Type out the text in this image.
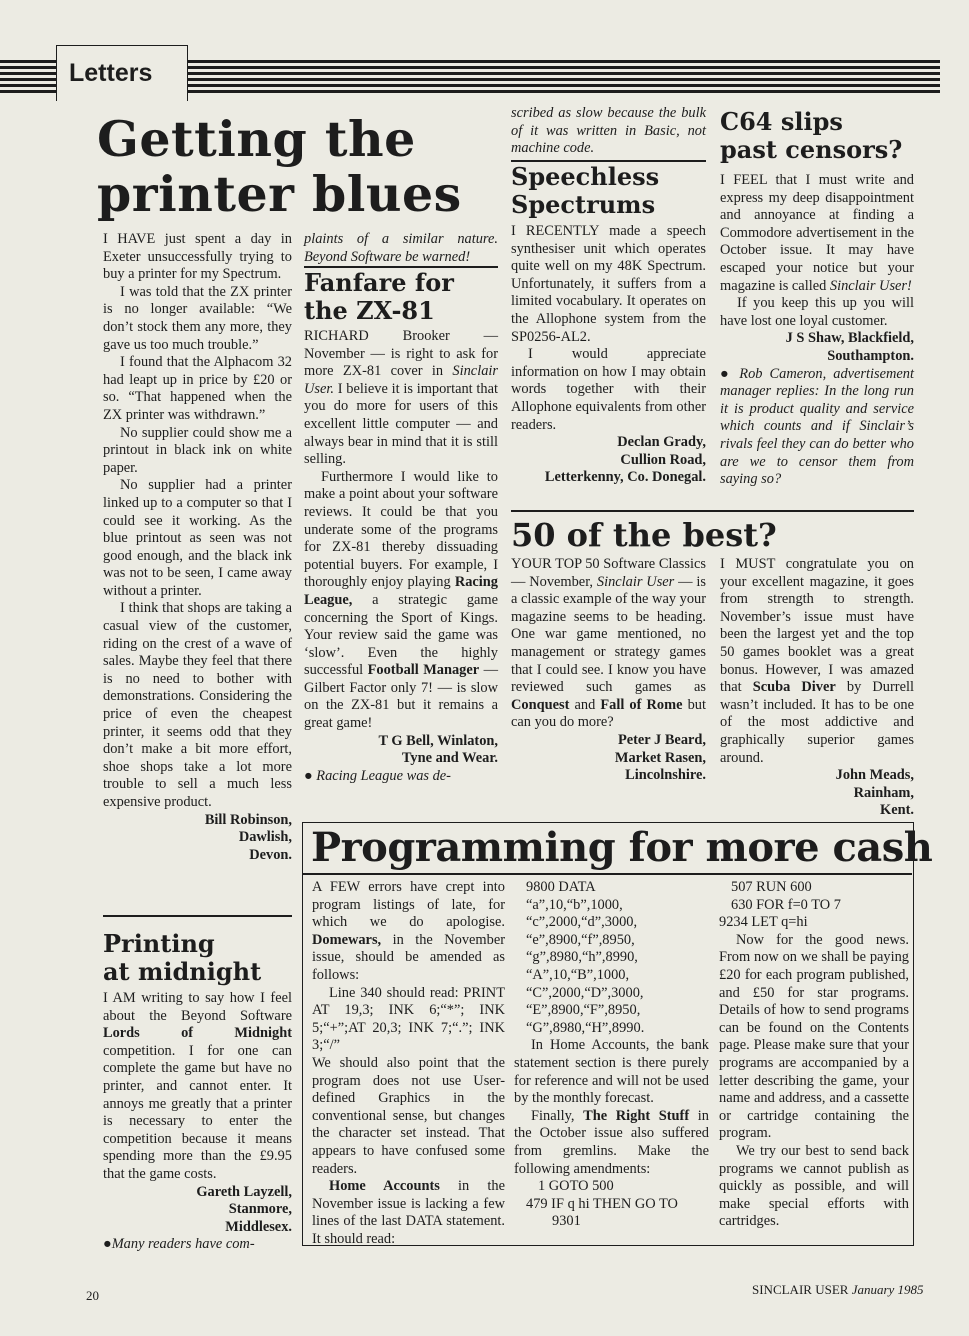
Letters
Getting the
printer blues

I HAVE just spent a day in Exeter unsuccessfully trying to buy a printer for my Spectrum.

I was told that the ZX printer is no longer available: “We don’t stock them any more, they gave us too much trouble.”

I found that the Alphacom 32 had leapt up in price by £20 or so. “That happened when the ZX printer was withdrawn.”

No supplier could show me a printout in black ink on white paper.

No supplier had a printer linked up to a computer so that I could see it working. As the blue printout as seen was not good enough, and the black ink was not to be seen, I came away without a printer.

I think that shops are taking a casual view of the customer, riding on the crest of a wave of sales. Maybe they feel that there is no need to bother with demonstrations. Considering the price of even the cheapest printer, it seems odd that they don’t make a bit more effort, shoe shops take a lot more trouble to sell a much less expensive product.

Bill Robinson,
Dawlish,
Devon.
Printing
at midnight

I AM writing to say how I feel about the Beyond Software Lords of Midnight competition. I for one can complete the game but have no printer, and cannot enter. It annoys me greatly that a printer is necessary to enter the competition because it means spending more than the £9.95 that the game costs.

Gareth Layzell,
Stanmore,
Middlesex.

●Many readers have com-

plaints of a similar nature. Beyond Software be warned!
Fanfare for
the ZX-81

RICHARD Brooker — November — is right to ask for more ZX-81 cover in Sinclair User. I believe it is important that you do more for users of this excellent little computer — and always bear in mind that it is still selling.

Furthermore I would like to make a point about your software reviews. It could be that you underate some of the programs for ZX-81 thereby dissuading potential buyers. For example, I thoroughly enjoy playing Racing League, a strategic game concerning the Sport of Kings. Your review said the game was ‘slow’. Even the highly successful Football Manager — Gilbert Factor only 7! — is slow on the ZX-81 but it remains a great game!

T G Bell, Winlaton,
Tyne and Wear.

● Racing League was de-

scribed as slow because the bulk of it was written in Basic, not machine code.
Speechless
Spectrums

I RECENTLY made a speech synthesiser unit which operates quite well on my 48K Spectrum. Unfortunately, it suffers from a limited vocabulary. It operates on the Allophone system from the SP0256-AL2.

I would appreciate information on how I may obtain words together with their Allophone equivalents from other readers.

Declan Grady,
Cullion Road,
Letterkenny, Co. Donegal.
C64 slips
past censors?

I FEEL that I must write and express my deep disappointment and annoyance at finding a Commodore advertisement in the October issue. It may have escaped your notice but your magazine is called Sinclair User!

If you keep this up you will have lost one loyal customer.

J S Shaw, Blackfield,
Southampton.

● Rob Cameron, advertisement manager replies: In the long run it is product quality and service which counts and if Sinclair’s rivals feel they can do better who are we to censor them from saying so?

50 of the best?

YOUR TOP 50 Software Classics — November, Sinclair User — is a classic example of the way your magazine seems to be heading. One war game mentioned, no management or strategy games that I could see. I know you have reviewed such games as Conquest and Fall of Rome but can you do more?

Peter J Beard,
Market Rasen,
Lincolnshire.

I MUST congratulate you on your excellent magazine, it goes from strength to strength. November’s issue must have been the largest yet and the top 50 games booklet was a great bonus. However, I was amazed that Scuba Diver by Durrell wasn’t included. It has to be one of the most addictive and graphically superior games around.

John Meads,
Rainham,
Kent.
Programming for more cash

A FEW errors have crept into program listings of late, for which we do apologise. Domewars, in the November issue, should be amended as follows:

Line 340 should read: PRINT AT 19,3; INK 6;“*”; INK 5;“+”;AT 20,3; INK 7;“.”; INK 3;“/”

We should also point that the program does not use User-defined Graphics in the conventional sense, but changes the character set instead. That appears to have confused some readers.

Home Accounts in the November issue is lacking a few lines of the last DATA statement. It should read:

9800 DATA
“a”,10,“b”,1000,
“c”,2000,“d”,3000,
“e”,8900,“f”,8950,
“g”,8980,“h”,8990,
“A”,10,“B”,1000,
“C”,2000,“D”,3000,
“E”,8900,“F”,8950,
“G”,8980,“H”,8990.

In Home Accounts, the bank statement section is there purely for reference and will not be used by the monthly forecast.

Finally, The Right Stuff in the October issue also suffered from gremlins. Make the following amendments:

1 GOTO 500
479 IF q hi THEN GO TO
9301
507 RUN 600
630 FOR f=0 TO 7
9234 LET q=hi

Now for the good news. From now on we shall be paying £20 for each program published, and £50 for star programs. Details of how to send programs can be found on the Contents page. Please make sure that your programs are accompanied by a letter describing the game, your name and address, and a cassette or cartridge containing the program.

We try our best to send back programs we cannot publish as quickly as possible, and will make special efforts with cartridges.

20	SINCLAIR USER January 1985
